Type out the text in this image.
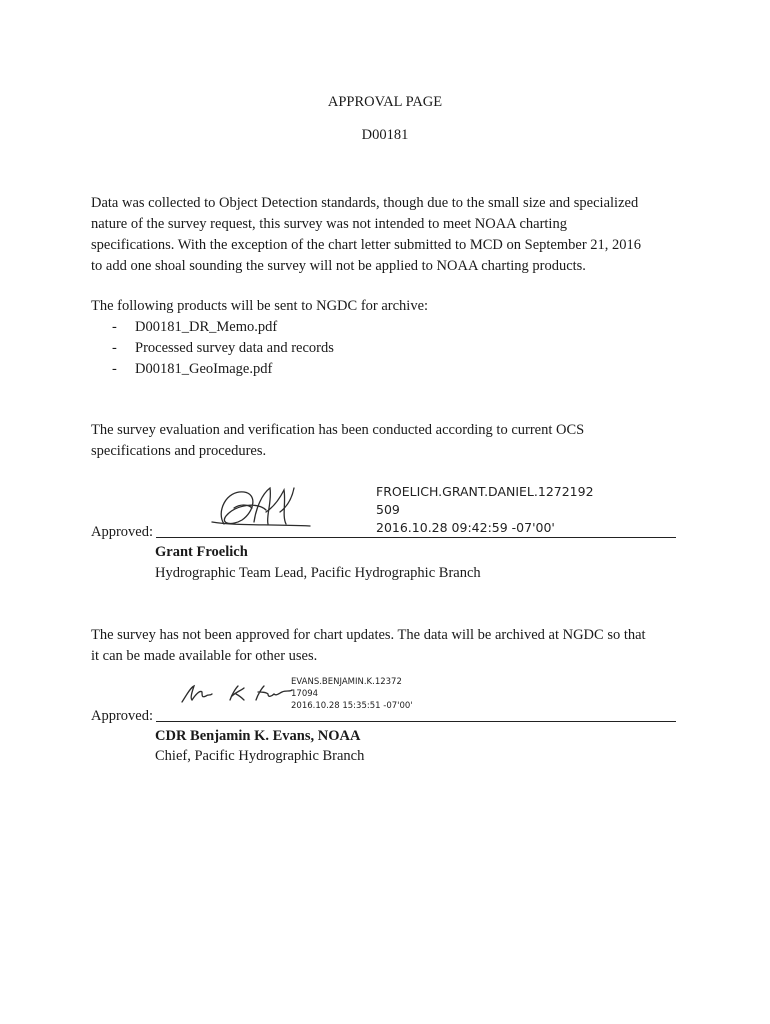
APPROVAL PAGE
D00181
Data was collected to Object Detection standards, though due to the small size and specialized
nature of the survey request, this survey was not intended to meet NOAA charting
specifications. With the exception of the chart letter submitted to MCD on September 21, 2016
to add one shoal sounding the survey will not be applied to NOAA charting products.
The following products will be sent to NGDC for archive:
- D00181_DR_Memo.pdf
- Processed survey data and records
- D00181_GeoImage.pdf
The survey evaluation and verification has been conducted according to current OCS
specifications and procedures.
FROELICH.GRANT.DANIEL.1272192
509
2016.10.28 09:42:59 -07'00'
Approved:
Grant Froelich
Hydrographic Team Lead, Pacific Hydrographic Branch
The survey has not been approved for chart updates. The data will be archived at NGDC so that
it can be made available for other uses.
EVANS.BENJAMIN.K.12372
17094
2016.10.28 15:35:51 -07'00'
Approved:
CDR Benjamin K. Evans, NOAA
Chief, Pacific Hydrographic Branch
